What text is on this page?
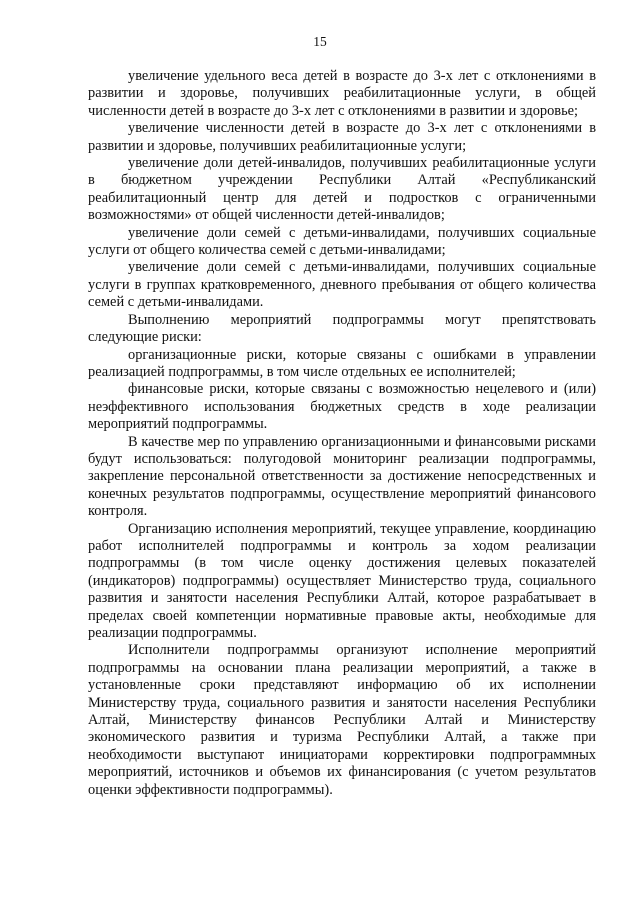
15

увеличение удельного веса детей в возрасте до 3-х лет с отклонениями в развитии и здоровье, получивших реабилитационные услуги, в общей численности детей в возрасте до 3-х лет с отклонениями в развитии и здоровье;

увеличение численности детей в возрасте до 3-х лет с отклонениями в развитии и здоровье, получивших реабилитационные услуги;

увеличение доли детей-инвалидов, получивших реабилитационные услуги в бюджетном учреждении Республики Алтай «Республиканский реабилитационный центр для детей и подростков с ограниченными возможностями» от общей численности детей-инвалидов;

увеличение доли семей с детьми-инвалидами, получивших социальные услуги от общего количества семей с детьми-инвалидами;

увеличение доли семей с детьми-инвалидами, получивших социальные услуги в группах кратковременного, дневного пребывания от общего количества семей с детьми-инвалидами.

Выполнению мероприятий подпрограммы могут препятствовать следующие риски:

организационные риски, которые связаны с ошибками в управлении реализацией подпрограммы, в том числе отдельных ее исполнителей;

финансовые риски, которые связаны с возможностью нецелевого и (или) неэффективного использования бюджетных средств в ходе реализации мероприятий подпрограммы.

В качестве мер по управлению организационными и финансовыми рисками будут использоваться: полугодовой мониторинг реализации подпрограммы, закрепление персональной ответственности за достижение непосредственных и конечных результатов подпрограммы, осуществление мероприятий финансового контроля.

Организацию исполнения мероприятий, текущее управление, координацию работ исполнителей подпрограммы и контроль за ходом реализации подпрограммы (в том числе оценку достижения целевых показателей (индикаторов) подпрограммы) осуществляет Министерство труда, социального развития и занятости населения Республики Алтай, которое разрабатывает в пределах своей компетенции нормативные правовые акты, необходимые для реализации подпрограммы.

Исполнители подпрограммы организуют исполнение мероприятий подпрограммы на основании плана реализации мероприятий, а также в установленные сроки представляют информацию об их исполнении Министерству труда, социального развития и занятости населения Республики Алтай, Министерству финансов Республики Алтай и Министерству экономического развития и туризма Республики Алтай, а также при необходимости выступают инициаторами корректировки подпрограммных мероприятий, источников и объемов их финансирования (с учетом результатов оценки эффективности подпрограммы).
